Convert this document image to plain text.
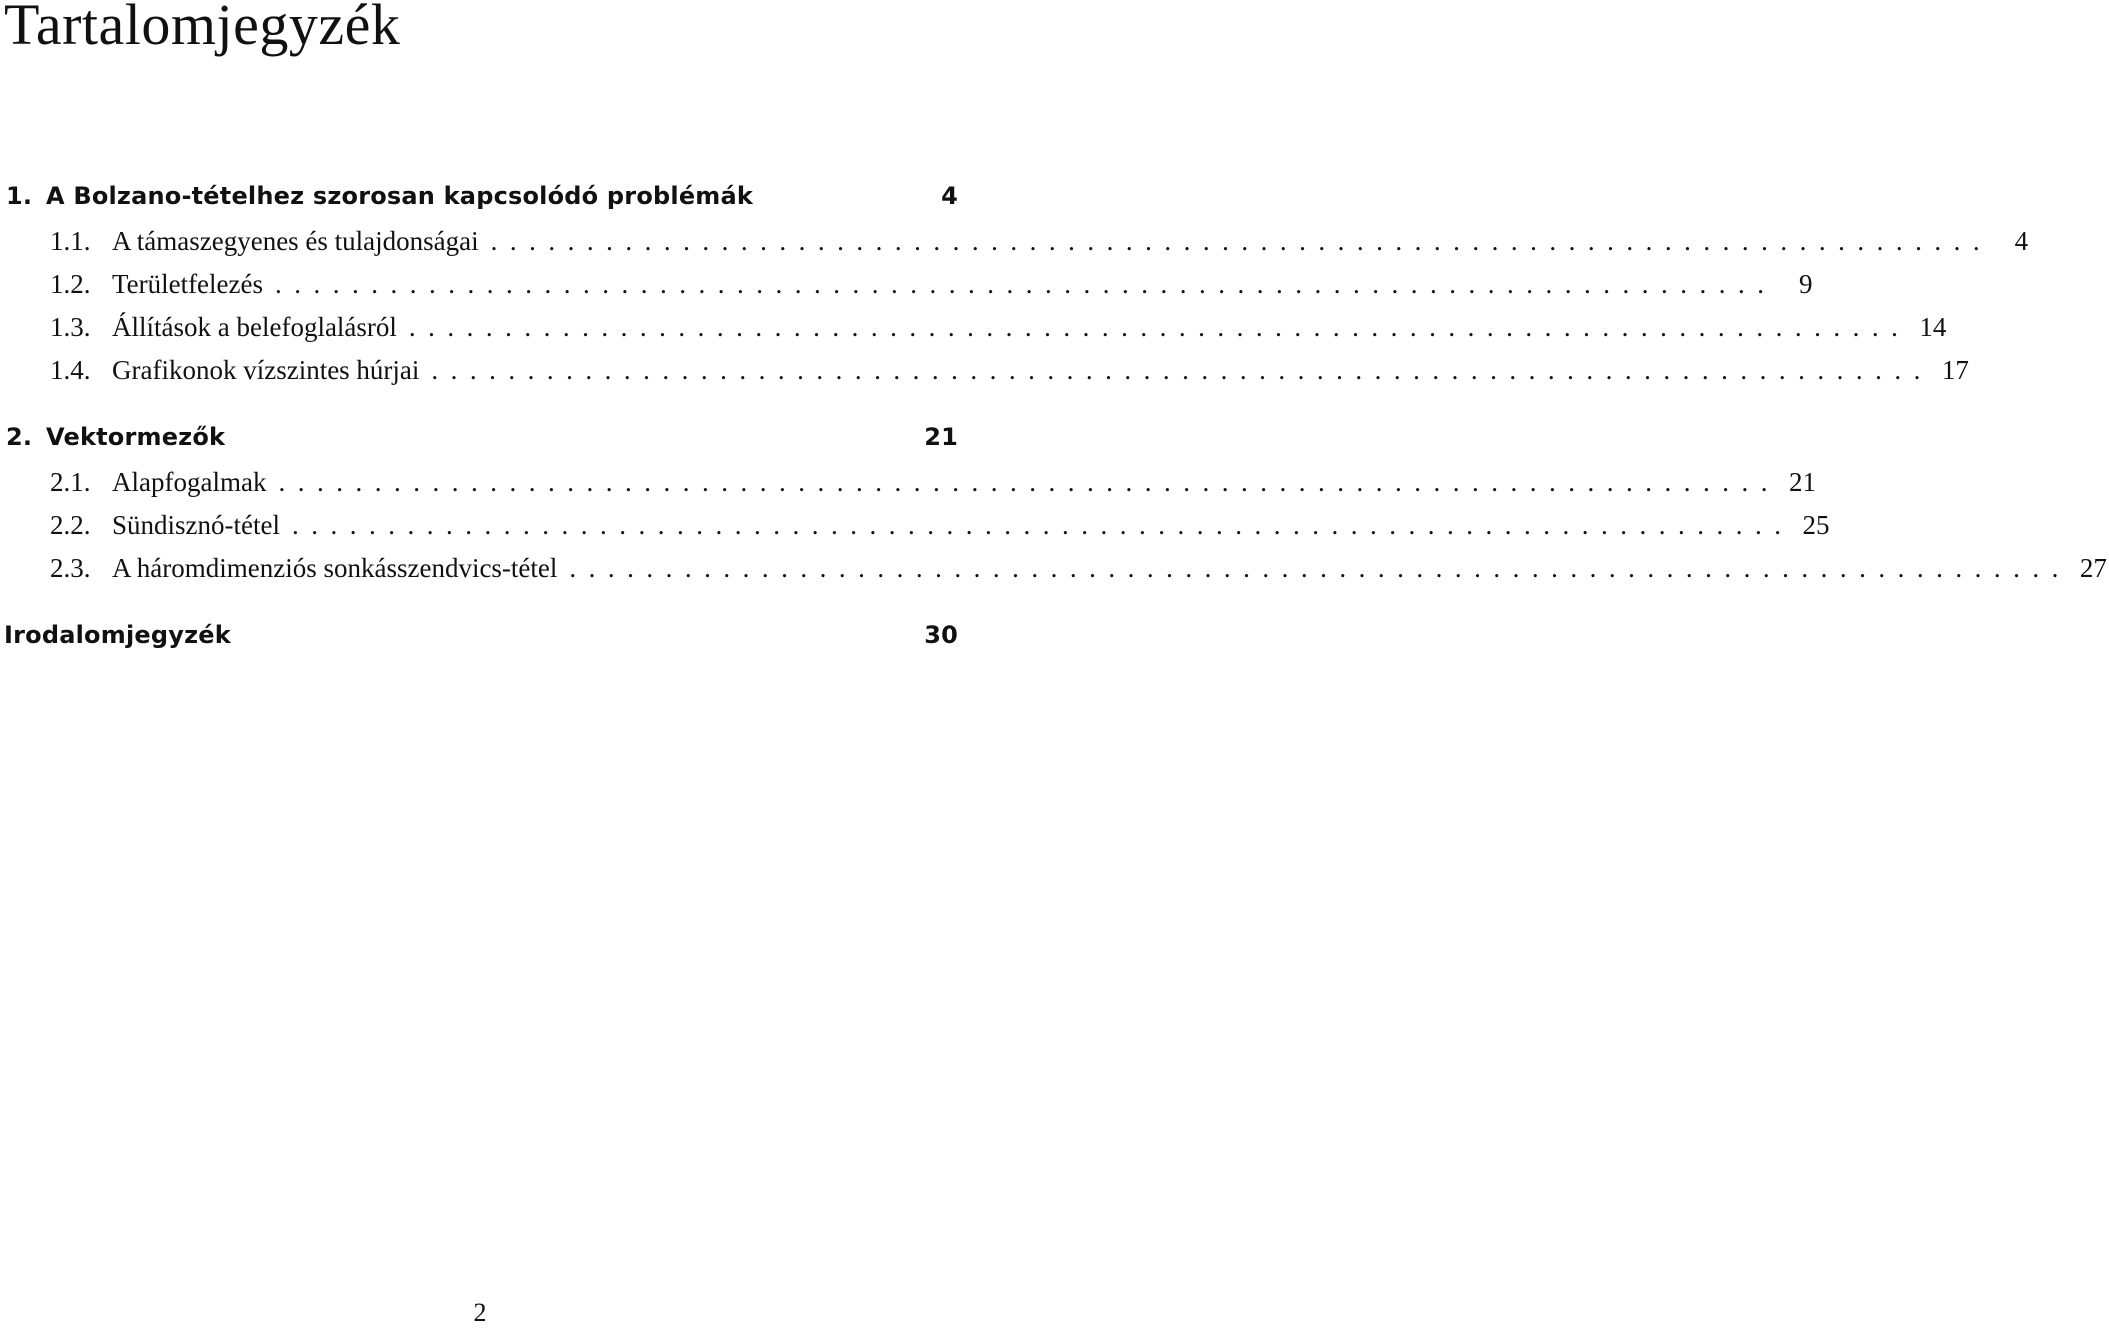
Tartalomjegyzék
1. A Bolzano-tételhez szorosan kapcsolódó problémák	4
1.1. A támaszegyenes és tulajdonságai .............................................................................. 4
1.2. Területfelezés .............................................................................. 9
1.3. Állítások a belefoglalásról .............................................................................. 14
1.4. Grafikonok vízszintes húrjai .............................................................................. 17
2. Vektormezők	21
2.1. Alapfogalmak .............................................................................. 21
2.2. Sündisznó-tétel .............................................................................. 25
2.3. A háromdimenziós sonkásszendvics-tétel .............................................................................. 27
Irodalomjegyzék	30
2
